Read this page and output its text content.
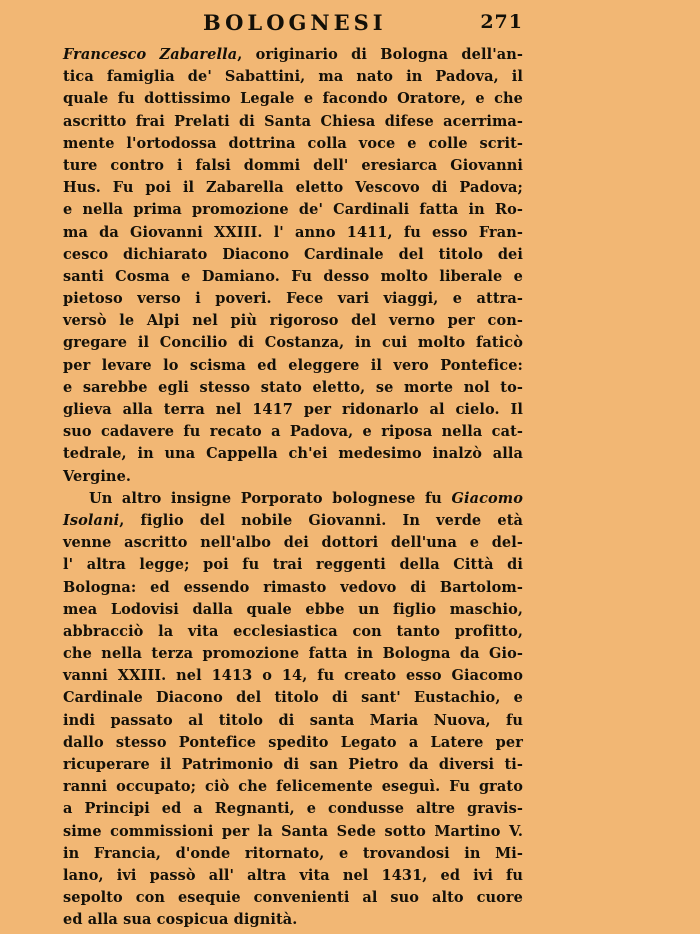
BOLOGNESI	271
Francesco Zabarella, originario di Bologna dell'an-
tica famiglia de' Sabattini, ma nato in Padova, il
quale fu dottissimo Legale e facondo Oratore, e che
ascritto frai Prelati di Santa Chiesa difese acerrima-
mente l'ortodossa dottrina colla voce e colle scrit-
ture contro i falsi dommi dell' eresiarca Giovanni
Hus. Fu poi il Zabarella eletto Vescovo di Padova;
e nella prima promozione de' Cardinali fatta in Ro-
ma da Giovanni XXIII. l' anno 1411, fu esso Fran-
cesco dichiarato Diacono Cardinale del titolo dei
santi Cosma e Damiano. Fu desso molto liberale e
pietoso verso i poveri. Fece vari viaggi, e attra-
versò le Alpi nel più rigoroso del verno per con-
gregare il Concilio di Costanza, in cui molto faticò
per levare lo scisma ed eleggere il vero Pontefice:
e sarebbe egli stesso stato eletto, se morte nol to-
glieva alla terra nel 1417 per ridonarlo al cielo. Il
suo cadavere fu recato a Padova, e riposa nella cat-
tedrale, in una Cappella ch'ei medesimo inalzò alla
Vergine.
Un altro insigne Porporato bolognese fu Giacomo
Isolani, figlio del nobile Giovanni. In verde età
venne ascritto nell'albo dei dottori dell'una e del-
l' altra legge; poi fu trai reggenti della Città di
Bologna: ed essendo rimasto vedovo di Bartolom-
mea Lodovisi dalla quale ebbe un figlio maschio,
abbracciò la vita ecclesiastica con tanto profitto,
che nella terza promozione fatta in Bologna da Gio-
vanni XXIII. nel 1413 o 14, fu creato esso Giacomo
Cardinale Diacono del titolo di sant' Eustachio, e
indi passato al titolo di santa Maria Nuova, fu
dallo stesso Pontefice spedito Legato a Latere per
ricuperare il Patrimonio di san Pietro da diversi ti-
ranni occupato; ciò che felicemente eseguì. Fu grato
a Principi ed a Regnanti, e condusse altre gravis-
sime commissioni per la Santa Sede sotto Martino V.
in Francia, d'onde ritornato, e trovandosi in Mi-
lano, ivi passò all' altra vita nel 1431, ed ivi fu
sepolto con esequie convenienti al suo alto cuore
ed alla sua cospicua dignità.
